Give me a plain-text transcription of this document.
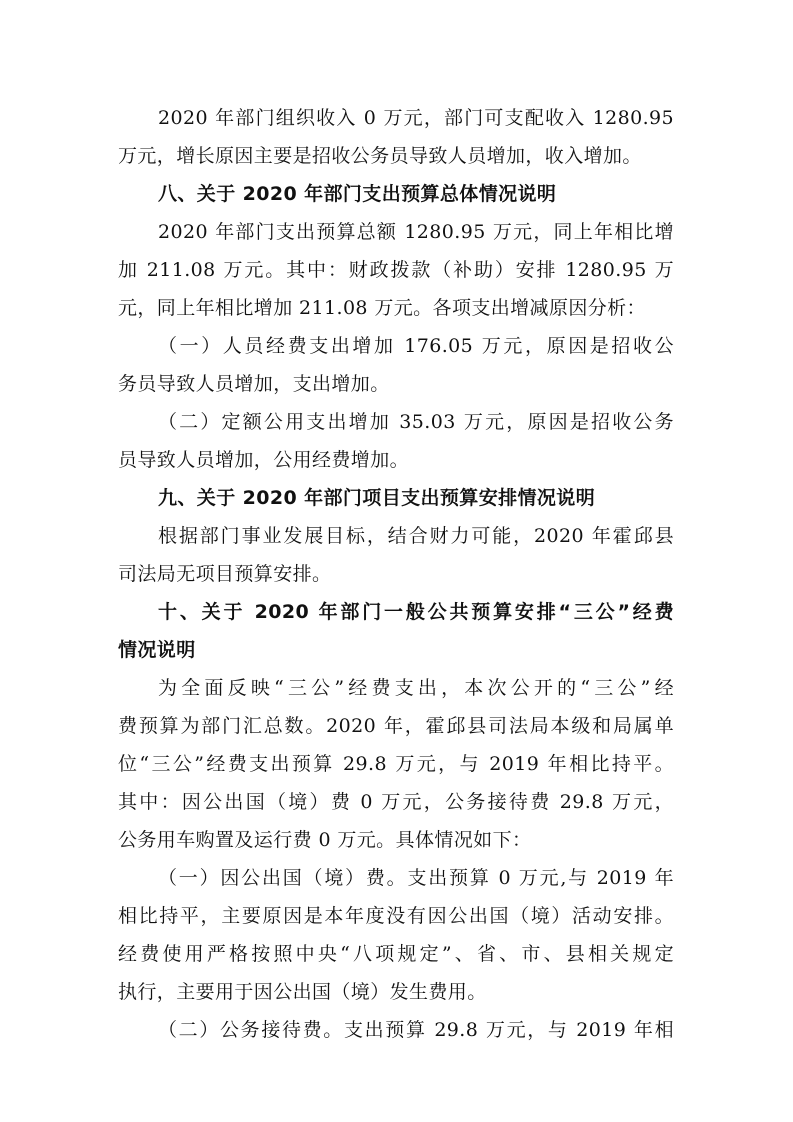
2020 年部门组织收入 0 万元，部门可支配收入 1280.95
万元，增长原因主要是招收公务员导致人员增加，收入增加。
八、关于 2020 年部门支出预算总体情况说明
2020 年部门支出预算总额 1280.95 万元，同上年相比增
加 211.08 万元。其中：财政拨款（补助）安排 1280.95 万
元，同上年相比增加 211.08 万元。各项支出增减原因分析：
（一）人员经费支出增加 176.05 万元，原因是招收公
务员导致人员增加，支出增加。
（二）定额公用支出增加 35.03 万元，原因是招收公务
员导致人员增加，公用经费增加。
九、关于 2020 年部门项目支出预算安排情况说明
根据部门事业发展目标，结合财力可能，2020 年霍邱县
司法局无项目预算安排。
十、关于 2020 年部门一般公共预算安排“三公”经费
情况说明
为全面反映“三公”经费支出，本次公开的“三公”经
费预算为部门汇总数。2020 年，霍邱县司法局本级和局属单
位“三公”经费支出预算 29.8 万元，与 2019 年相比持平。
其中：因公出国（境）费 0 万元，公务接待费 29.8 万元，
公务用车购置及运行费 0 万元。具体情况如下：
（一）因公出国（境）费。支出预算 0 万元,与 2019 年
相比持平，主要原因是本年度没有因公出国（境）活动安排。
经费使用严格按照中央“八项规定”、省、市、县相关规定
执行，主要用于因公出国（境）发生费用。
（二）公务接待费。支出预算 29.8 万元，与 2019 年相
